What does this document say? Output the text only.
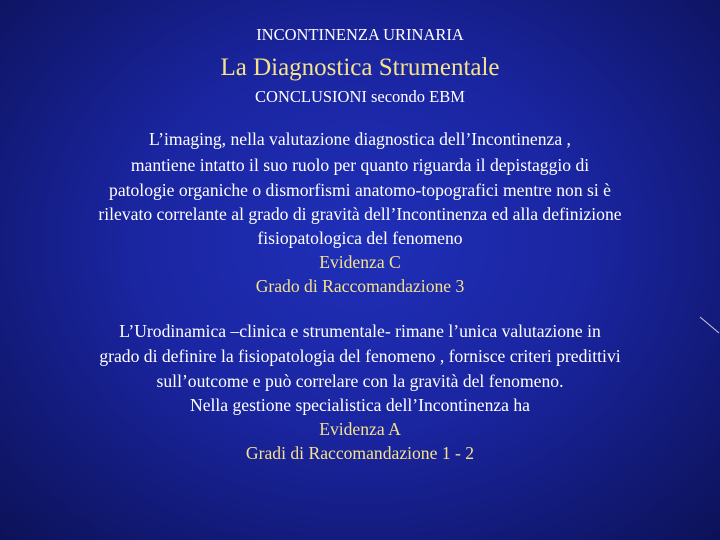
INCONTINENZA URINARIA
La Diagnostica Strumentale
CONCLUSIONI secondo EBM
L’imaging, nella valutazione diagnostica dell’Incontinenza ,
mantiene intatto il suo ruolo per quanto riguarda il depistaggio di
patologie organiche o dismorfismi anatomo-topografici mentre non si è
rilevato correlante al grado di gravità dell’Incontinenza ed alla definizione
fisiopatologica del fenomeno
Evidenza C
Grado di Raccomandazione 3
L’Urodinamica –clinica e strumentale- rimane l’unica valutazione in
grado di definire la fisiopatologia del fenomeno , fornisce criteri predittivi
sull’outcome e può correlare con la gravità del fenomeno.
Nella gestione specialistica dell’Incontinenza ha
Evidenza A
Gradi di Raccomandazione 1 - 2
